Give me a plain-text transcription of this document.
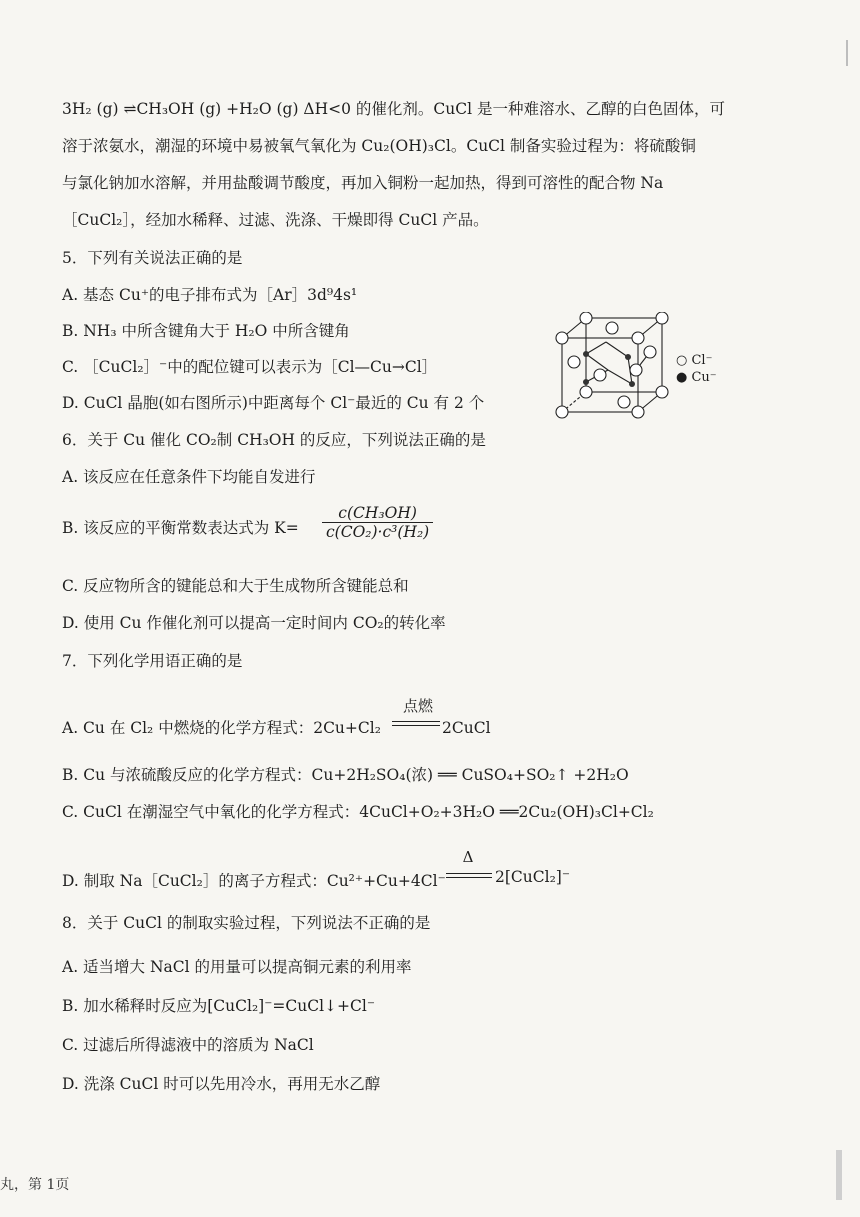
3H₂ (g) ⇌CH₃OH (g) +H₂O (g) ΔH<0 的催化剂。CuCl 是一种难溶水、乙醇的白色固体，可
溶于浓氨水，潮湿的环境中易被氧气氧化为 Cu₂(OH)₃Cl。CuCl 制备实验过程为：将硫酸铜
与氯化钠加水溶解，并用盐酸调节酸度，再加入铜粉一起加热，得到可溶性的配合物 Na
［CuCl₂］，经加水稀释、过滤、洗涤、干燥即得 CuCl 产品。
5．下列有关说法正确的是
A. 基态 Cu⁺的电子排布式为［Ar］3d⁹4s¹
B. NH₃ 中所含键角大于 H₂O 中所含键角
C. ［CuCl₂］⁻中的配位键可以表示为［Cl—Cu→Cl］
D. CuCl 晶胞(如右图所示)中距离每个 Cl⁻最近的 Cu 有 2 个
○ Cl⁻
● Cu⁻
6．关于 Cu 催化 CO₂制 CH₃OH 的反应，下列说法正确的是
A. 该反应在任意条件下均能自发进行
B. 该反应的平衡常数表达式为 $K= \frac{\text{c(CH₃OH)}}{\text{c(CO₂)·c³(H₂)}}$
C. 反应物所含的键能总和大于生成物所含键能总和
D. 使用 Cu 作催化剂可以提高一定时间内 CO₂的转化率
7．下列化学用语正确的是
A. Cu 在 Cl₂ 中燃烧的化学方程式：2Cu+Cl₂
点燃
2CuCl
B. Cu 与浓硫酸反应的化学方程式：Cu+2H₂SO₄(浓) ══ CuSO₄+SO₂↑ +2H₂O
C. CuCl 在潮湿空气中氧化的化学方程式：4CuCl+O₂+3H₂O ══2Cu₂(OH)₃Cl+Cl₂
D. 制取 Na［CuCl₂］的离子方程式：Cu²⁺+Cu+4Cl⁻
Δ
2[CuCl₂]⁻
8．关于 CuCl 的制取实验过程，下列说法不正确的是
A. 适当增大 NaCl 的用量可以提高铜元素的利用率
B. 加水稀释时反应为[CuCl₂]⁻=CuCl↓+Cl⁻
C. 过滤后所得滤液中的溶质为 NaCl
D. 洗涤 CuCl 时可以先用冷水，再用无水乙醇
丸，第 1页
